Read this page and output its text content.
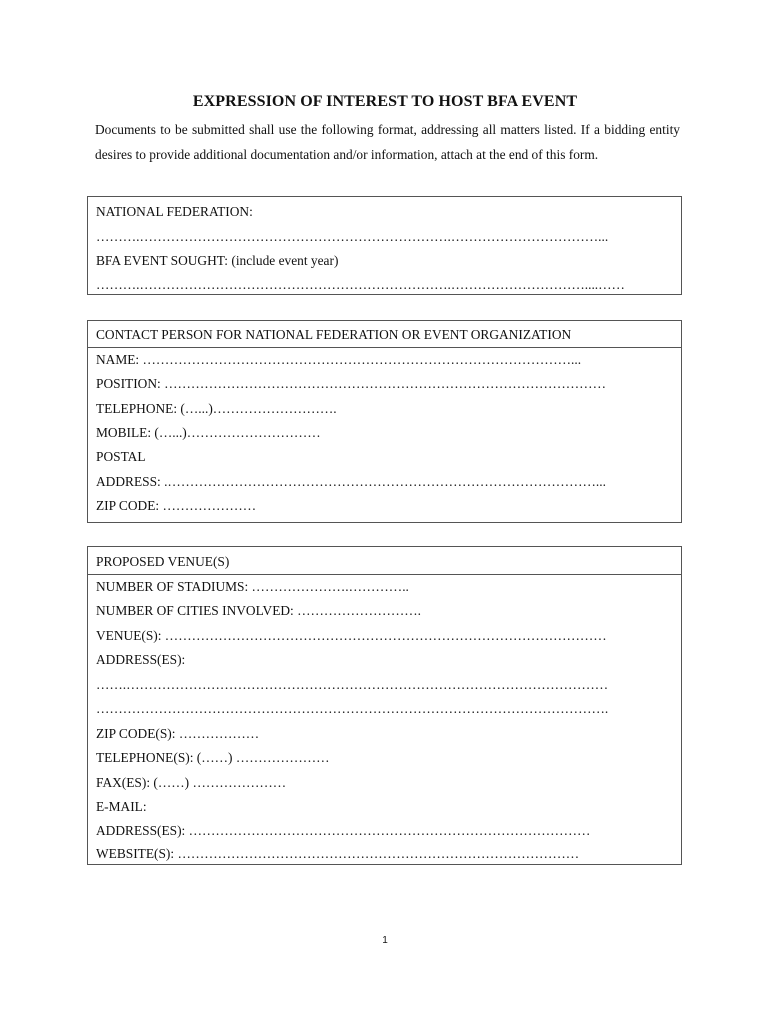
EXPRESSION OF INTEREST TO HOST BFA EVENT
Documents to be submitted shall use the following format, addressing all matters listed. If a bidding entity desires to provide additional documentation and/or information, attach at the end of this form.
NATIONAL FEDERATION:
……….…………………………………………………………….……………………………...
BFA EVENT SOUGHT: (include event year)
……….…………………………………………………………….…………………………....……
CONTACT PERSON FOR NATIONAL FEDERATION OR EVENT ORGANIZATION
NAME: ……………………………………………………………………………………...
POSITION: ………………………………………………………………………………………
TELEPHONE: (…...)……………………….
MOBILE: (…...)…………………………
POSTAL
ADDRESS: .……………………………………………………………………………………...
ZIP CODE: …………………
PROPOSED VENUE(S)
NUMBER OF STADIUMS: ………………….…………..
NUMBER OF CITIES INVOLVED: ……………………….
VENUE(S): ………………………………………………………………………………………
ADDRESS(ES):
…….………………………………………………………………………………………………
…………………………………………………………………………………………………….
ZIP CODE(S): ………………
TELEPHONE(S): (……) …………………
FAX(ES): (……) …………………
E-MAIL:
ADDRESS(ES): ………………………………………………………………………………
WEBSITE(S): ………………………………………………………………………………
1
